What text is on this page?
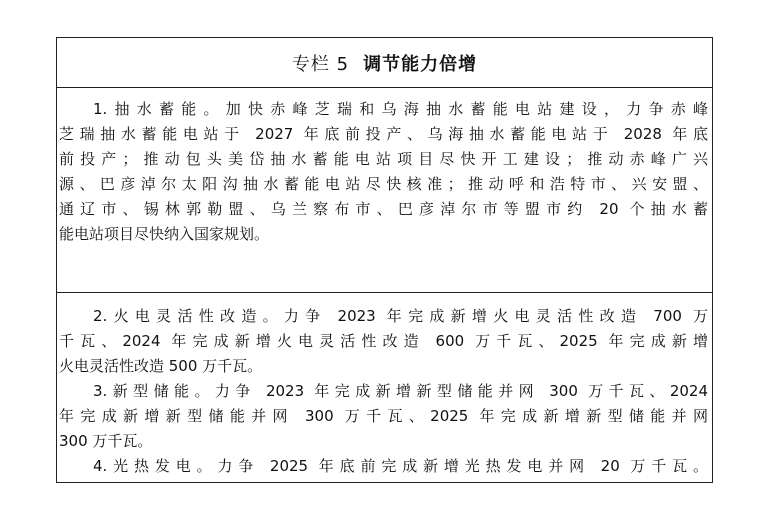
专栏 5 调节能力倍增
1.抽水蓄能。加快赤峰芝瑞和乌海抽水蓄能电站建设，力争赤峰
芝瑞抽水蓄能电站于 2027 年底前投产、乌海抽水蓄能电站于 2028 年底
前投产；推动包头美岱抽水蓄能电站项目尽快开工建设；推动赤峰广兴
源、巴彦淖尔太阳沟抽水蓄能电站尽快核准；推动呼和浩特市、兴安盟、
通辽市、锡林郭勒盟、乌兰察布市、巴彦淖尔市等盟市约 20 个抽水蓄
能电站项目尽快纳入国家规划。
2.火电灵活性改造。力争 2023 年完成新增火电灵活性改造 700 万
千瓦、2024 年完成新增火电灵活性改造 600 万千瓦、2025 年完成新增
火电灵活性改造 500 万千瓦。
3.新型储能。力争 2023 年完成新增新型储能并网 300 万千瓦、2024
年完成新增新型储能并网 300 万千瓦、2025 年完成新增新型储能并网
300 万千瓦。
4.光热发电。力争 2025 年底前完成新增光热发电并网 20 万千瓦。
